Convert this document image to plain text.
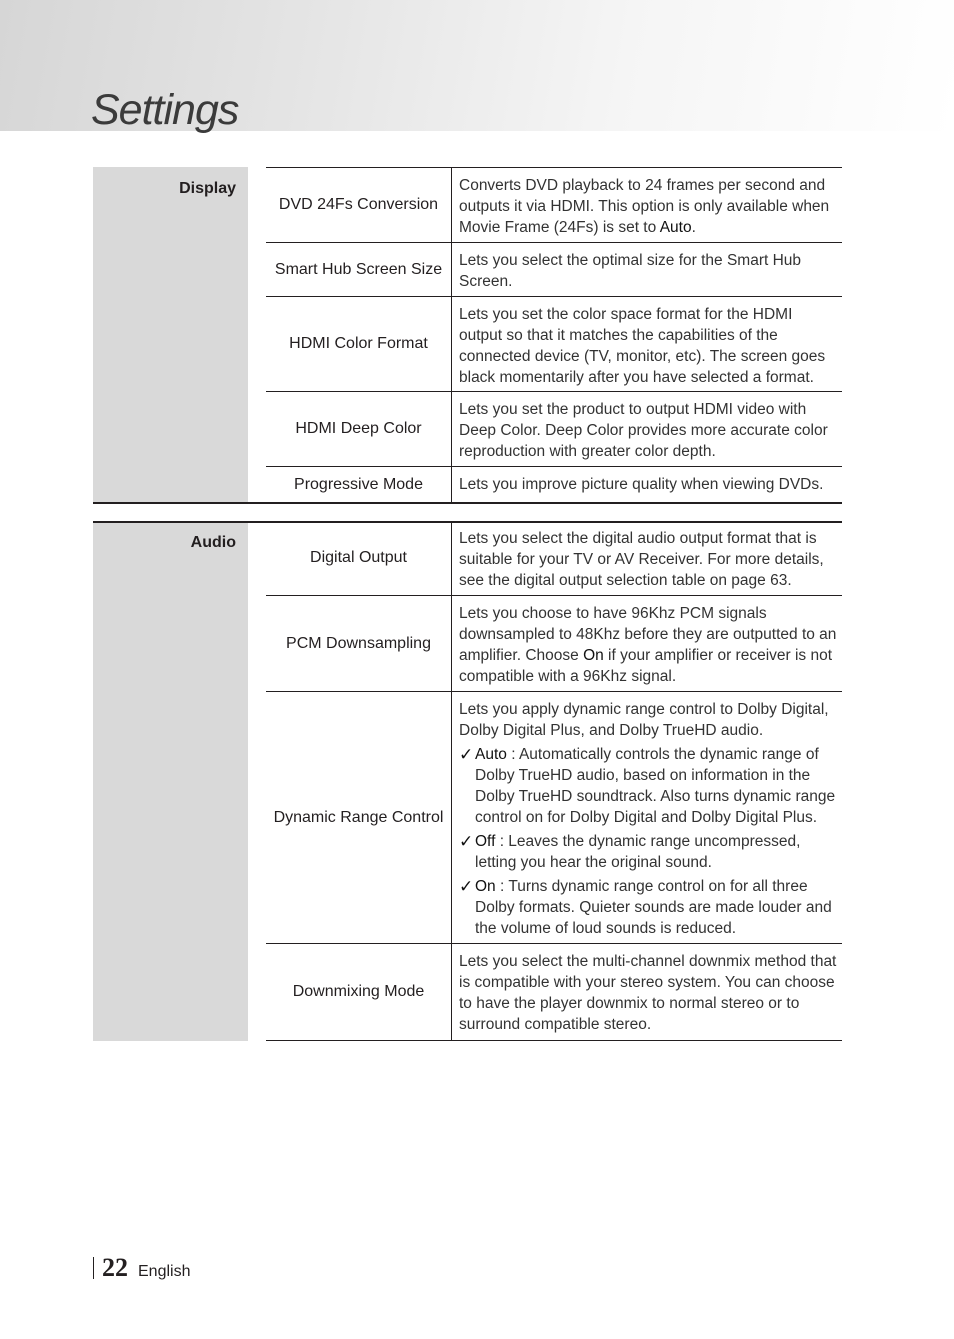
Settings
Display
DVD 24Fs Conversion
Converts DVD playback to 24 frames per second and outputs it via HDMI. This option is only available when Movie Frame (24Fs) is set to Auto.
Smart Hub Screen Size	Lets you select the optimal size for the Smart Hub Screen.
HDMI Color Format
Lets you set the color space format for the HDMI output so that it matches the capabilities of the connected device (TV, monitor, etc). The screen goes black momentarily after you have selected a format.
HDMI Deep Color
Lets you set the product to output HDMI video with Deep Color. Deep Color provides more accurate color reproduction with greater color depth.
Progressive Mode	Lets you improve picture quality when viewing DVDs.
Audio
Digital Output
Lets you select the digital audio output format that is suitable for your TV or AV Receiver. For more details, see the digital output selection table on page 63.
PCM Downsampling
Lets you choose to have 96Khz PCM signals downsampled to 48Khz before they are outputted to an amplifier. Choose On if your amplifier or receiver is not compatible with a 96Khz signal.
Dynamic Range Control
Lets you apply dynamic range control to Dolby Digital, Dolby Digital Plus, and Dolby TrueHD audio.
✓ Auto : Automatically controls the dynamic range of Dolby TrueHD audio, based on information in the Dolby TrueHD soundtrack. Also turns dynamic range control on for Dolby Digital and Dolby Digital Plus.
✓ Off : Leaves the dynamic range uncompressed, letting you hear the original sound.
✓ On : Turns dynamic range control on for all three Dolby formats. Quieter sounds are made louder and the volume of loud sounds is reduced.
Downmixing Mode
Lets you select the multi-channel downmix method that is compatible with your stereo system. You can choose to have the player downmix to normal stereo or to surround compatible stereo.
22 English
